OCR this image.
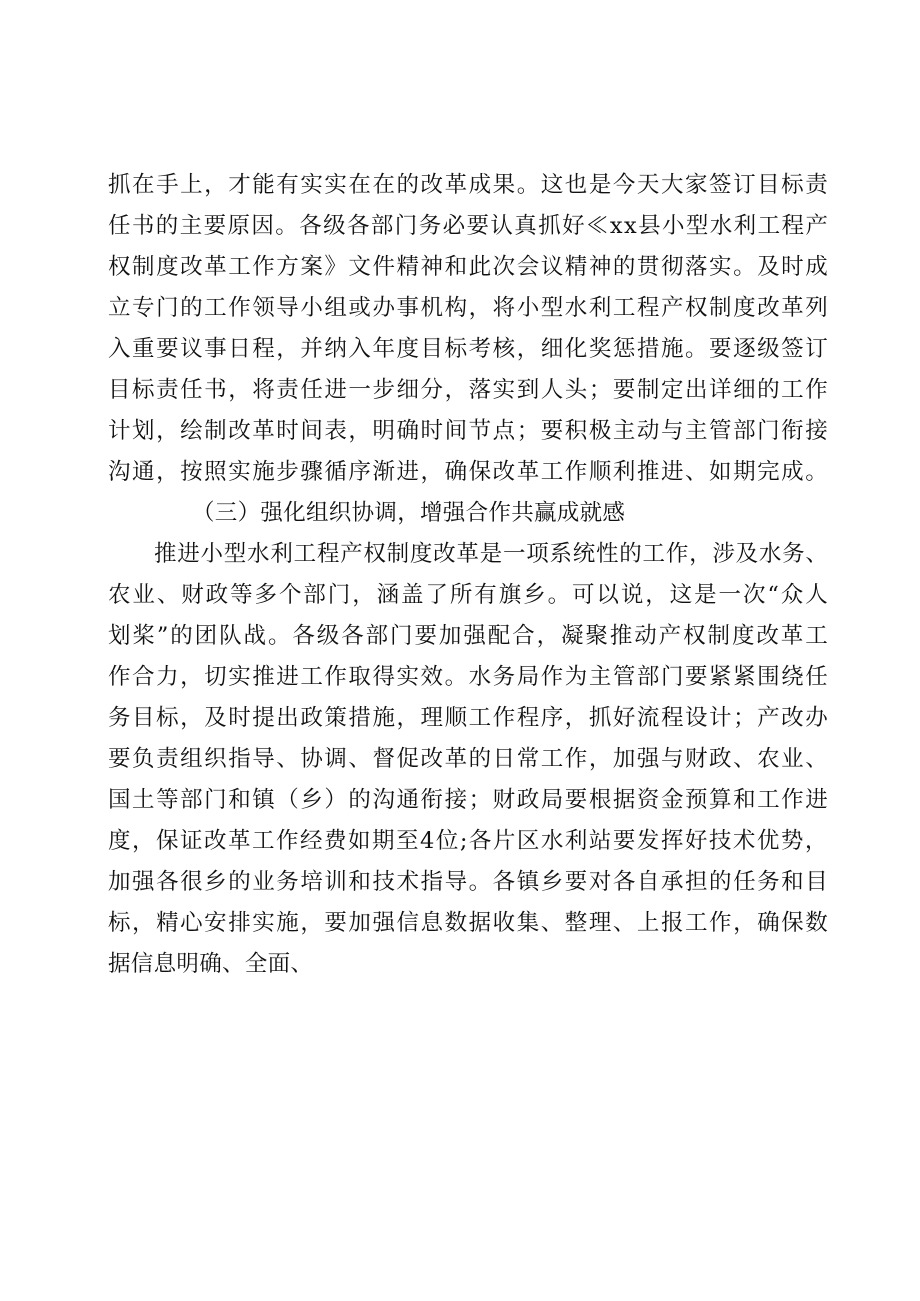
抓在手上，才能有实实在在的改革成果。这也是今天大家签订目标责
任书的主要原因。各级各部门务必要认真抓好≪xx县小型水利工程产
权制度改革工作方案》文件精神和此次会议精神的贯彻落实。及时成
立专门的工作领导小组或办事机构，将小型水利工程产权制度改革列
入重要议事日程，并纳入年度目标考核，细化奖惩措施。要逐级签订
目标责任书，将责任进一步细分，落实到人头；要制定出详细的工作
计划，绘制改革时间表，明确时间节点；要积极主动与主管部门衔接
沟通，按照实施步骤循序渐进，确保改革工作顺利推进、如期完成。
（三）强化组织协调，增强合作共赢成就感
推进小型水利工程产权制度改革是一项系统性的工作，涉及水务、
农业、财政等多个部门，涵盖了所有旗乡。可以说，这是一次“众人
划桨”的团队战。各级各部门要加强配合，凝聚推动产权制度改革工
作合力，切实推进工作取得实效。水务局作为主管部门要紧紧围绕任
务目标，及时提出政策措施，理顺工作程序，抓好流程设计；产改办
要负责组织指导、协调、督促改革的日常工作，加强与财政、农业、
国土等部门和镇（乡）的沟通衔接；财政局要根据资金预算和工作进
度，保证改革工作经费如期至4位;各片区水利站要发挥好技术优势，
加强各很乡的业务培训和技术指导。各镇乡要对各自承担的任务和目
标，精心安排实施，要加强信息数据收集、整理、上报工作，确保数
据信息明确、全面、
